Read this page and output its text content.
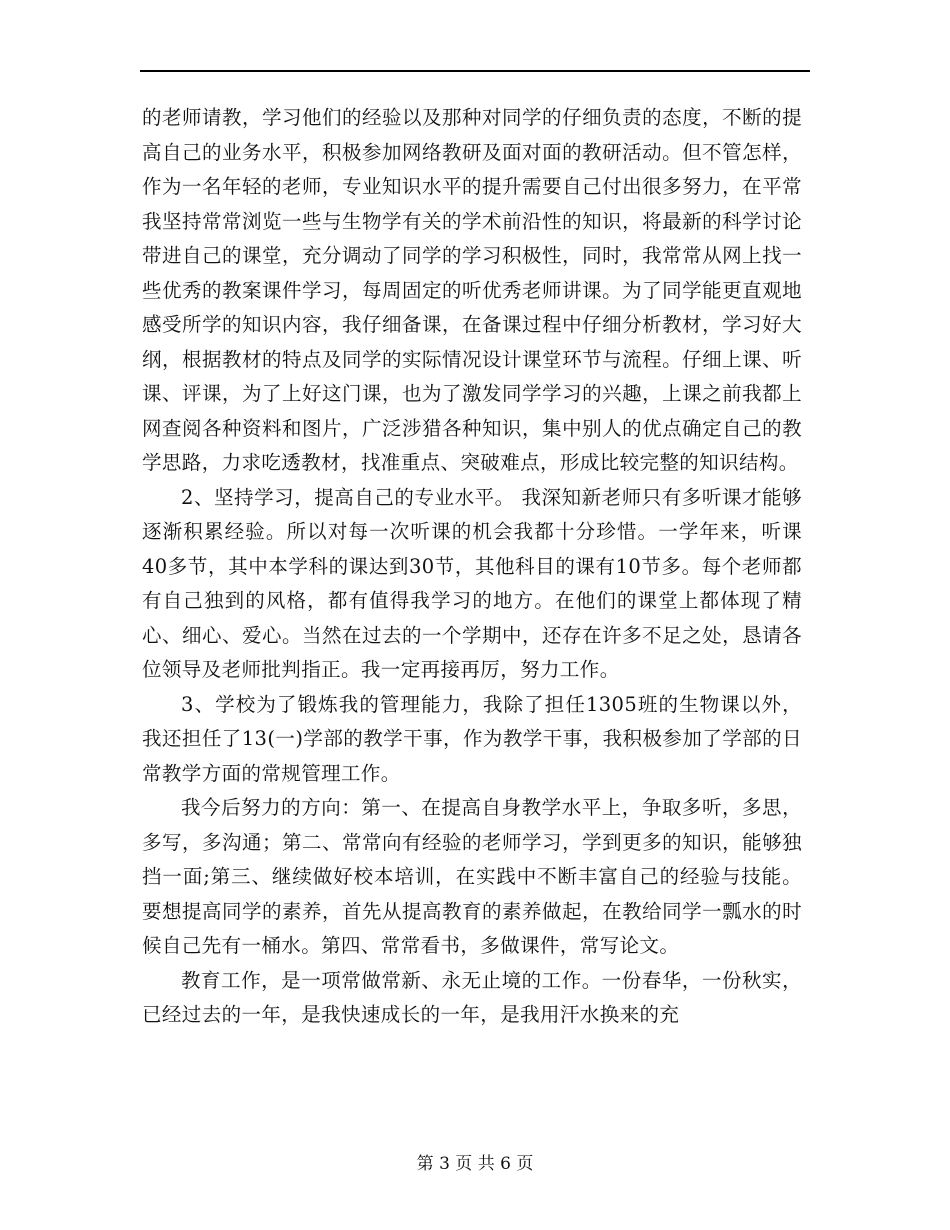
的老师请教，学习他们的经验以及那种对同学的仔细负责的态度，不断的提高自己的业务水平，积极参加网络教研及面对面的教研活动。但不管怎样，作为一名年轻的老师，专业知识水平的提升需要自己付出很多努力，在平常我坚持常常浏览一些与生物学有关的学术前沿性的知识，将最新的科学讨论带进自己的课堂，充分调动了同学的学习积极性，同时，我常常从网上找一些优秀的教案课件学习，每周固定的听优秀老师讲课。为了同学能更直观地感受所学的知识内容，我仔细备课，在备课过程中仔细分析教材，学习好大纲，根据教材的特点及同学的实际情况设计课堂环节与流程。仔细上课、听课、评课，为了上好这门课，也为了激发同学学习的兴趣，上课之前我都上网查阅各种资料和图片，广泛涉猎各种知识，集中别人的优点确定自己的教学思路，力求吃透教材，找准重点、突破难点，形成比较完整的知识结构。

2、坚持学习，提高自己的专业水平。 我深知新老师只有多听课才能够逐渐积累经验。所以对每一次听课的机会我都十分珍惜。一学年来，听课40多节，其中本学科的课达到30节，其他科目的课有10节多。每个老师都有自己独到的风格，都有值得我学习的地方。在他们的课堂上都体现了精心、细心、爱心。当然在过去的一个学期中，还存在许多不足之处，恳请各位领导及老师批判指正。我一定再接再厉，努力工作。

3、学校为了锻炼我的管理能力，我除了担任1305班的生物课以外，我还担任了13(一)学部的教学干事，作为教学干事，我积极参加了学部的日常教学方面的常规管理工作。

我今后努力的方向：第一、在提高自身教学水平上，争取多听，多思，多写，多沟通；第二、常常向有经验的老师学习，学到更多的知识，能够独挡一面;第三、继续做好校本培训，在实践中不断丰富自己的经验与技能。要想提高同学的素养，首先从提高教育的素养做起，在教给同学一瓢水的时候自己先有一桶水。第四、常常看书，多做课件，常写论文。

教育工作，是一项常做常新、永无止境的工作。一份春华，一份秋实，已经过去的一年，是我快速成长的一年，是我用汗水换来的充

第 3 页 共 6 页
